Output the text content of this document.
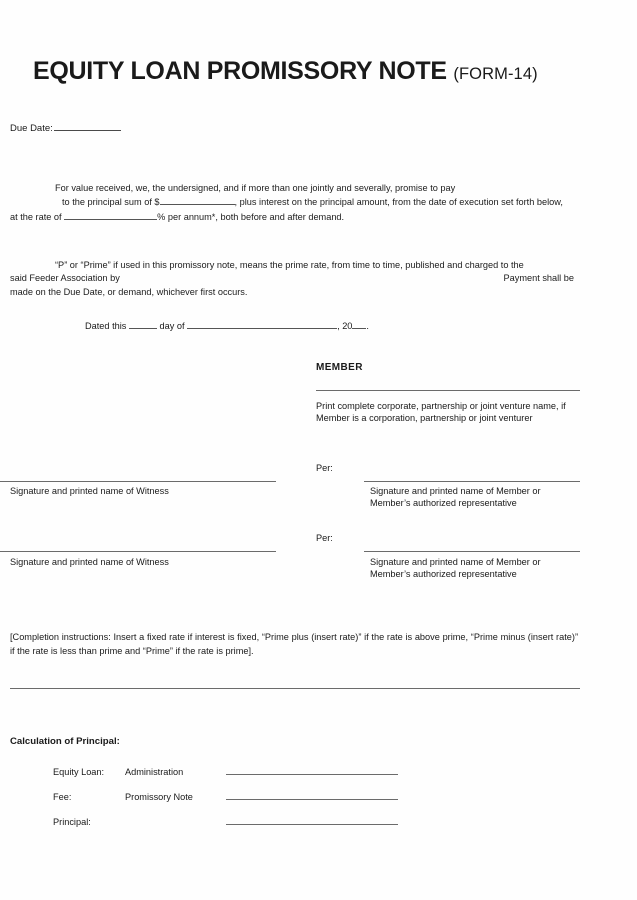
EQUITY LOAN PROMISSORY NOTE (FORM-14)
Due Date:
For value received, we, the undersigned, and if more than one jointly and severally, promise to pay
to the principal sum of $	, plus interest on the principal amount, from the date of execution set forth below,
at the rate of	% per annum*, both before and after demand.
“P” or “Prime” if used in this promissory note, means the prime rate, from time to time, published and charged to the
said Feeder Association by	Payment shall be
made on the Due Date, or demand, whichever first occurs.
Dated this	day of	, 20 .
MEMBER
Print complete corporate, partnership or joint venture name, if Member is a corporation, partnership or joint venturer
Per:
Signature and printed name of Member or Member’s authorized representative
Per:
Signature and printed name of Member or Member’s authorized representative
Signature and printed name of Witness
Signature and printed name of Witness
[Completion instructions: Insert a fixed rate if interest is fixed, “Prime plus (insert rate)” if the rate is above prime, “Prime minus (insert rate)” if the rate is less than prime and “Prime” if the rate is prime].
Calculation of Principal:
Equity Loan:	Administration
Fee:	Promissory Note
Principal:
